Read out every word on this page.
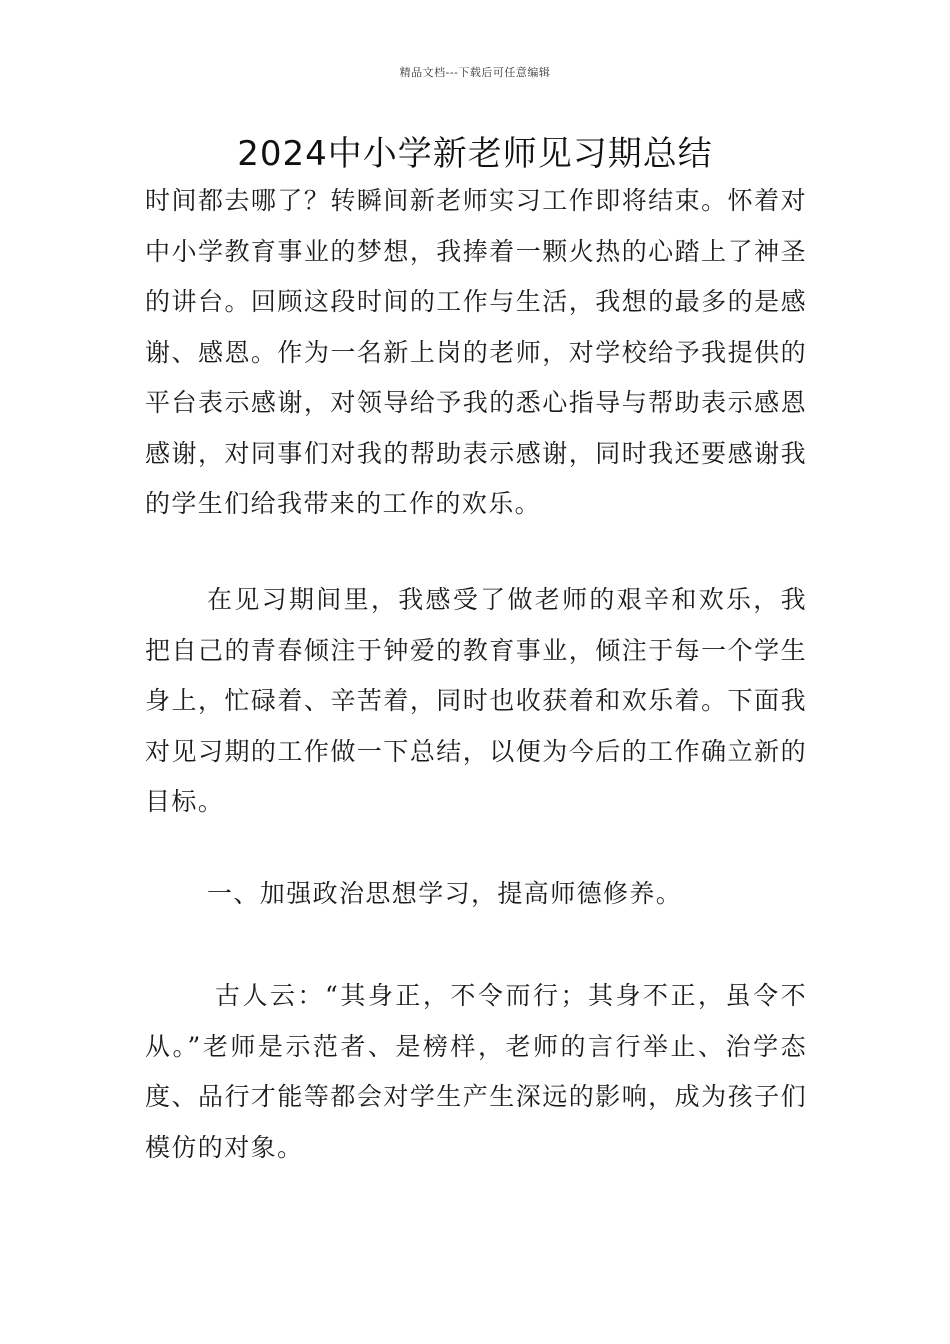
精品文档---下载后可任意编辑
2024中小学新老师见习期总结

时间都去哪了？转瞬间新老师实习工作即将结束。怀着对中小学教育事业的梦想，我捧着一颗火热的心踏上了神圣的讲台。回顾这段时间的工作与生活，我想的最多的是感谢、感恩。作为一名新上岗的老师，对学校给予我提供的平台表示感谢，对领导给予我的悉心指导与帮助表示感恩感谢，对同事们对我的帮助表示感谢，同时我还要感谢我的学生们给我带来的工作的欢乐。

在见习期间里，我感受了做老师的艰辛和欢乐，我把自己的青春倾注于钟爱的教育事业，倾注于每一个学生身上，忙碌着、辛苦着，同时也收获着和欢乐着。下面我对见习期的工作做一下总结，以便为今后的工作确立新的目标。

一、加强政治思想学习，提高师德修养。

古人云：“其身正，不令而行；其身不正，虽令不从。”老师是示范者、是榜样，老师的言行举止、治学态度、品行才能等都会对学生产生深远的影响，成为孩子们模仿的对象。
